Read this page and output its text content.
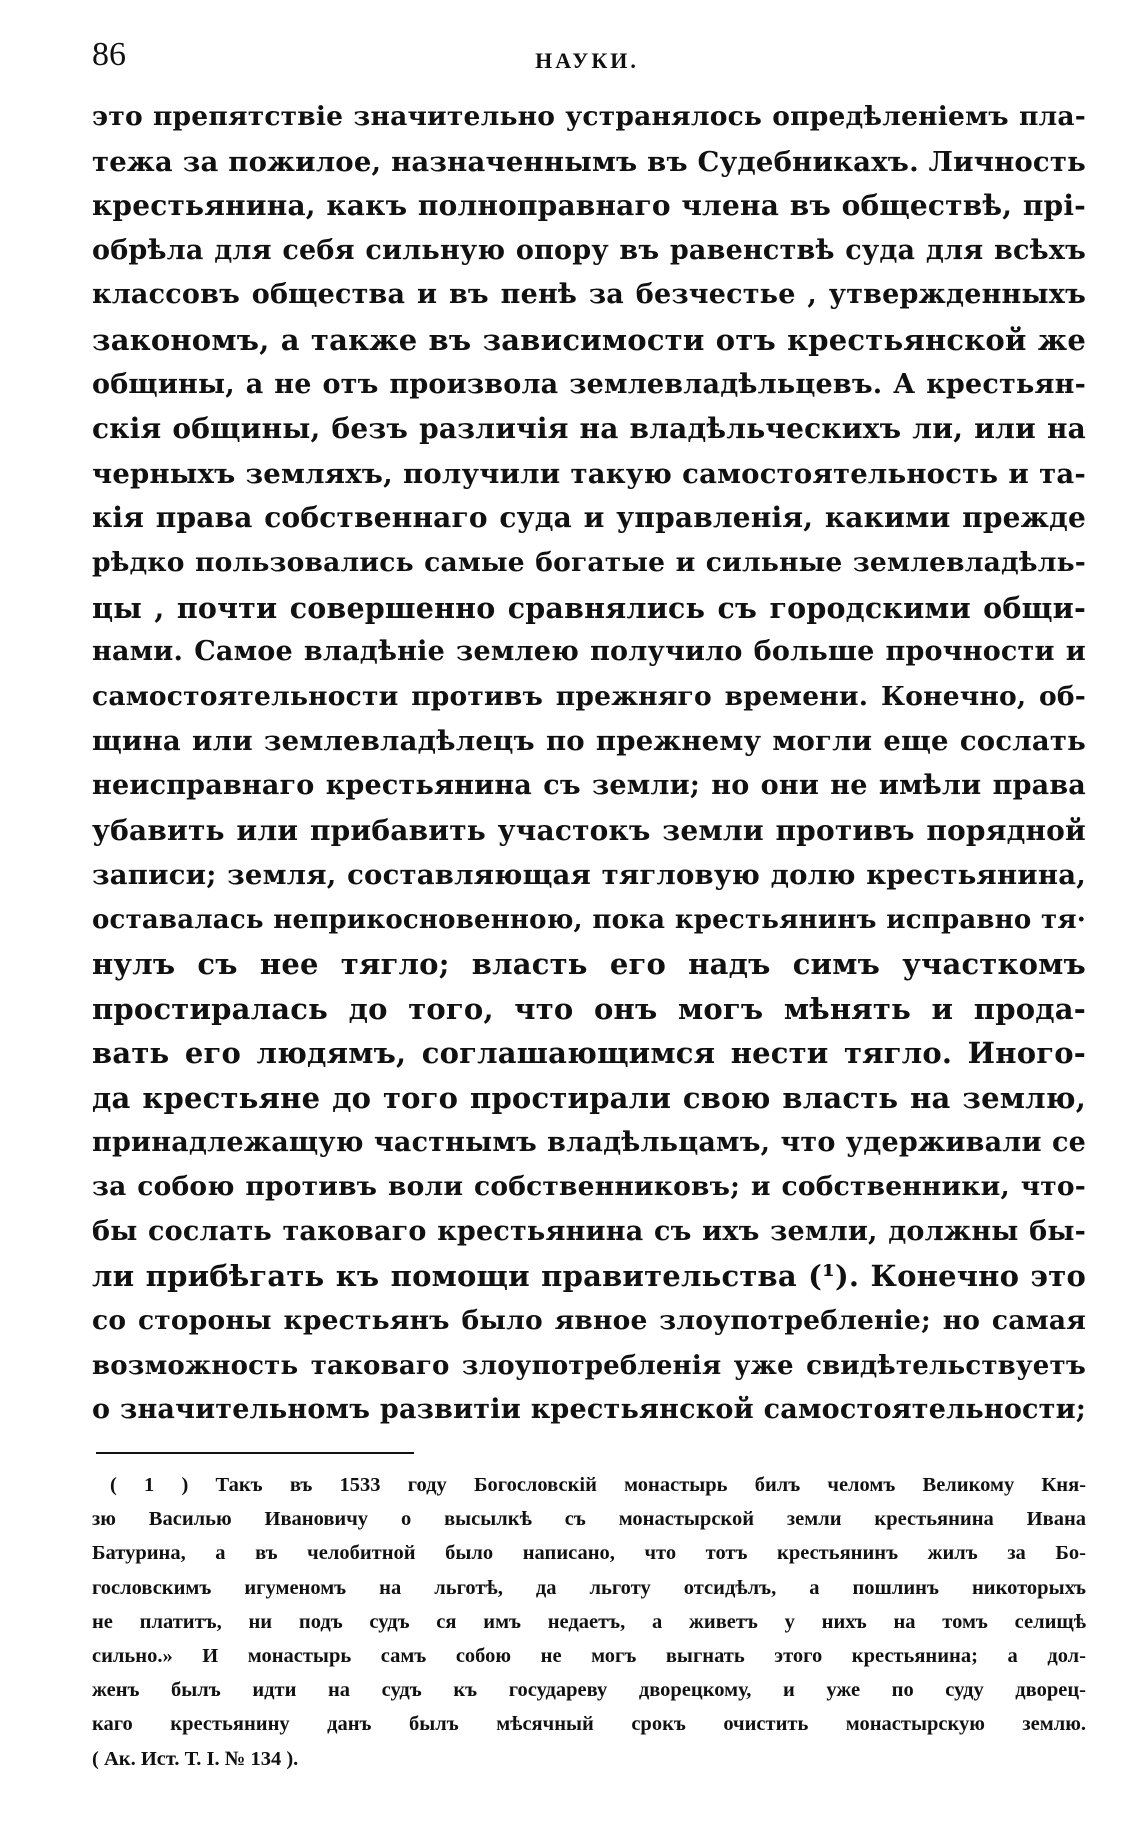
86	НАУКИ.
это препятствіе значительно устранялось опредѣленіемъ пла-
тежа за пожилое, назначеннымъ въ Судебникахъ. Личность
крестьянина, какъ полноправнаго члена въ обществѣ, прі-
обрѣла для себя сильную опору въ равенствѣ суда для всѣхъ
классовъ общества и въ пенѣ за безчестье , утвержденныхъ
закономъ, а также въ зависимости отъ крестьянской же
общины, а не отъ произвола землевладѣльцевъ. А крестьян-
скія общины, безъ различія на владѣльческихъ ли, или на
черныхъ земляхъ, получили такую самостоятельность и та-
кія права собственнаго суда и управленія, какими прежде
рѣдко пользовались самые богатые и сильные землевладѣль-
цы , почти совершенно сравнялись съ городскими общи-
нами. Самое владѣніе землею получило больше прочности и
самостоятельности противъ прежняго времени. Конечно, об-
щина или землевладѣлецъ по прежнему могли еще сослать
неисправнаго крестьянина съ земли; но они не имѣли права
убавить или прибавить участокъ земли противъ порядной
записи; земля, составляющая тягловую долю крестьянина,
оставалась неприкосновенною, пока крестьянинъ исправно тя·
нулъ съ нее тягло; власть его надъ симъ участкомъ
простиралась до того, что онъ могъ мѣнять и прода-
вать его людямъ, соглашающимся нести тягло. Иного-
да крестьяне до того простирали свою власть на землю,
принадлежащую частнымъ владѣльцамъ, что удерживали се
за собою противъ воли собственниковъ; и собственники, что-
бы сослать таковаго крестьянина съ ихъ земли, должны бы-
ли прибѣгать къ помощи правительства (¹). Конечно это
со стороны крестьянъ было явное злоупотребленіе; но самая
возможность таковаго злоупотребленія уже свидѣтельствуетъ
о значительномъ развитіи крестьянской самостоятельности;
( 1 ) Такъ въ 1533 году Богословскій монастырь билъ челомъ Великому Кня-
зю Василью Ивановичу о высылкѣ съ монастырской земли крестьянина Ивана
Батурина, а въ челобитной было написано, что тотъ крестьянинъ жилъ за Бо-
гословскимъ игуменомъ на льготѣ, да льготу отсидѣлъ, а пошлинъ никоторыхъ
не платитъ, ни подъ судъ ся имъ недаетъ, а живетъ у нихъ на томъ селищѣ
сильно.» И монастырь самъ собою не могъ выгнать этого крестьянина; а дол-
женъ былъ идти на судъ къ государеву дворецкому, и уже по суду дворец-
каго крестьянину данъ былъ мѣсячный срокъ очистить монастырскую землю.
( Ак. Ист. Т. I. № 134 ).
